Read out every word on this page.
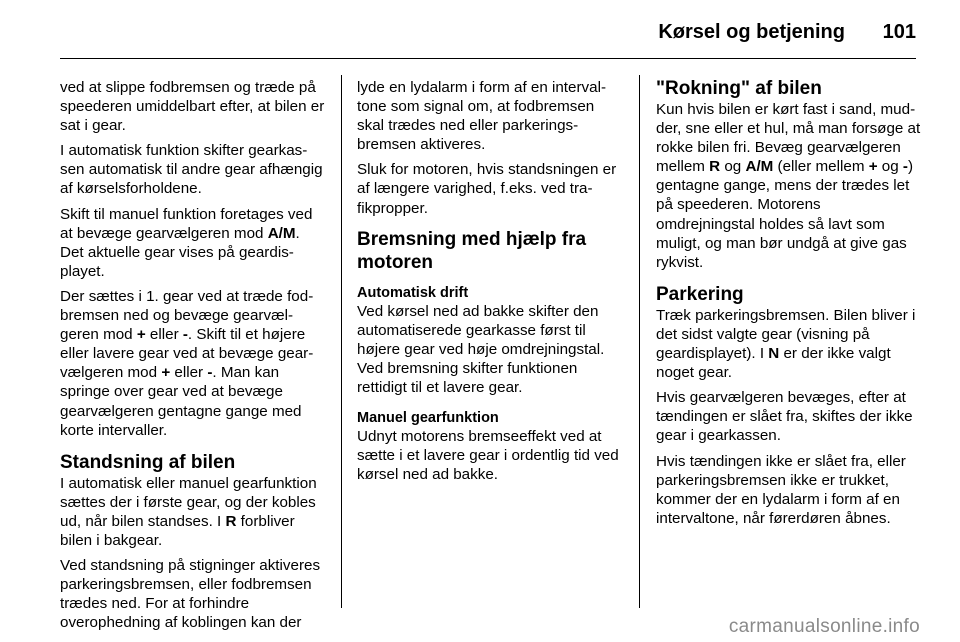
Kørsel og betjening 101

ved at slippe fodbremsen og træde på speederen umiddelbart efter, at bilen er sat i gear.

I automatisk funktion skifter gearkassen automatisk til andre gear afhængig af kørselsforholdene.

Skift til manuel funktion foretages ved at bevæge gearvælgeren mod A/M. Det aktuelle gear vises på geardisplayet.

Der sættes i 1. gear ved at træde fodbremsen ned og bevæge gearvælgeren mod + eller -. Skift til et højere eller lavere gear ved at bevæge gearvælgeren mod + eller -. Man kan springe over gear ved at bevæge gearvælgeren gentagne gange med korte intervaller.

Standsning af bilen

I automatisk eller manuel gearfunktion sættes der i første gear, og der kobles ud, når bilen standses. I R forbliver bilen i bakgear.

Ved standsning på stigninger aktiveres parkeringsbremsen, eller fodbremsen trædes ned. For at forhindre overophedning af koblingen kan der

lyde en lydalarm i form af en intervaltone som signal om, at fodbremsen skal trædes ned eller parkeringsbremsen aktiveres.

Sluk for motoren, hvis standsningen er af længere varighed, f.eks. ved trafikpropper.

Bremsning med hjælp fra motoren
Automatisk drift

Ved kørsel ned ad bakke skifter den automatiserede gearkasse først til højere gear ved høje omdrejningstal. Ved bremsning skifter funktionen rettidigt til et lavere gear.

Manuel gearfunktion

Udnyt motorens bremseeffekt ved at sætte i et lavere gear i ordentlig tid ved kørsel ned ad bakke.

"Rokning" af bilen

Kun hvis bilen er kørt fast i sand, mudder, sne eller et hul, må man forsøge at rokke bilen fri. Bevæg gearvælgeren mellem R og A/M (eller mellem + og -) gentagne gange, mens der trædes let på speederen. Motorens omdrejningstal holdes så lavt som muligt, og man bør undgå at give gas rykvist.

Parkering

Træk parkeringsbremsen. Bilen bliver i det sidst valgte gear (visning på geardisplayet). I N er der ikke valgt noget gear.

Hvis gearvælgeren bevæges, efter at tændingen er slået fra, skiftes der ikke gear i gearkassen.

Hvis tændingen ikke er slået fra, eller parkeringsbremsen ikke er trukket, kommer der en lydalarm i form af en intervaltone, når førerdøren åbnes.

carmanualsonline.info
